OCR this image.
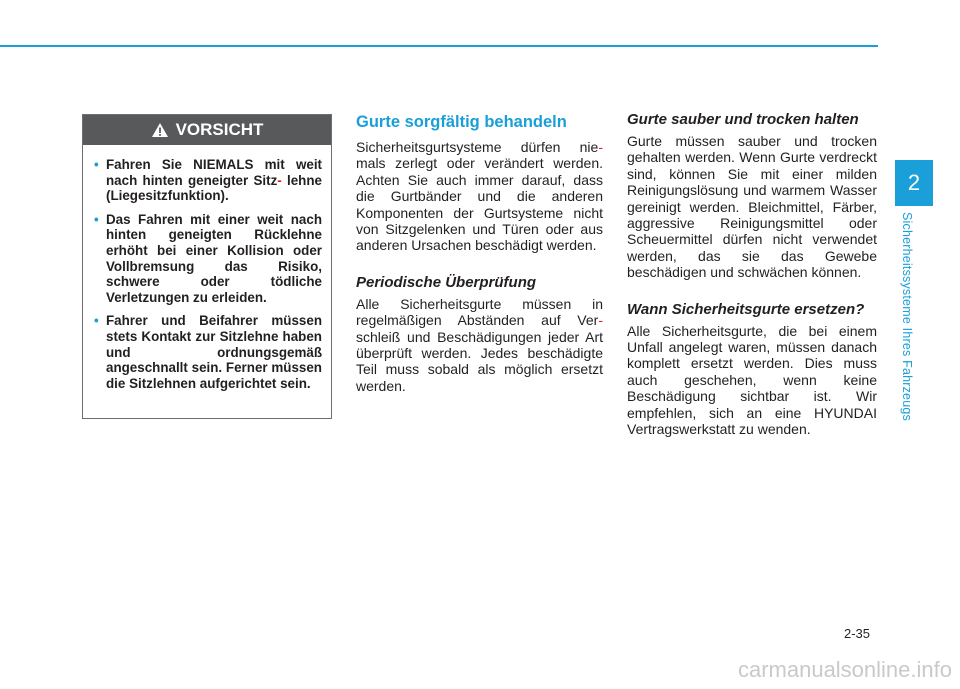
VORSICHT
• Fahren Sie NIEMALS mit weit nach hinten geneigter Sitz- lehne (Liegesitzfunktion).
• Das Fahren mit einer weit nach hinten geneigten Rücklehne erhöht bei einer Kollision oder Vollbremsung das Risiko, schwere oder tödliche Verletzungen zu erleiden.
• Fahrer und Beifahrer müssen stets Kontakt zur Sitzlehne haben und ordnungsgemäß angeschnallt sein. Ferner müssen die Sitzlehnen aufgerichtet sein.
Gurte sorgfältig behandeln

Sicherheitsgurtsysteme dürfen nie- mals zerlegt oder verändert werden. Achten Sie auch immer darauf, dass die Gurtbänder und die anderen Komponenten der Gurtsysteme nicht von Sitzgelenken und Türen oder aus anderen Ursachen beschädigt werden.

Periodische Überprüfung

Alle Sicherheitsgurte müssen in regelmäßigen Abständen auf Ver- schleiß und Beschädigungen jeder Art überprüft werden. Jedes beschädigte Teil muss sobald als möglich ersetzt werden.

Gurte sauber und trocken halten

Gurte müssen sauber und trocken gehalten werden. Wenn Gurte verdreckt sind, können Sie mit einer milden Reinigungslösung und warmem Wasser gereinigt werden. Bleichmittel, Färber, aggressive Reinigungsmittel oder Scheuermittel dürfen nicht verwendet werden, das sie das Gewebe beschädigen und schwächen können.

Wann Sicherheitsgurte ersetzen?

Alle Sicherheitsgurte, die bei einem Unfall angelegt waren, müssen danach komplett ersetzt werden. Dies muss auch geschehen, wenn keine Beschädigung sichtbar ist. Wir empfehlen, sich an eine HYUNDAI Vertragswerkstatt zu wenden.

2
Sicherheitssysteme Ihres Fahrzeugs
2-35
carmanualsonline.info
